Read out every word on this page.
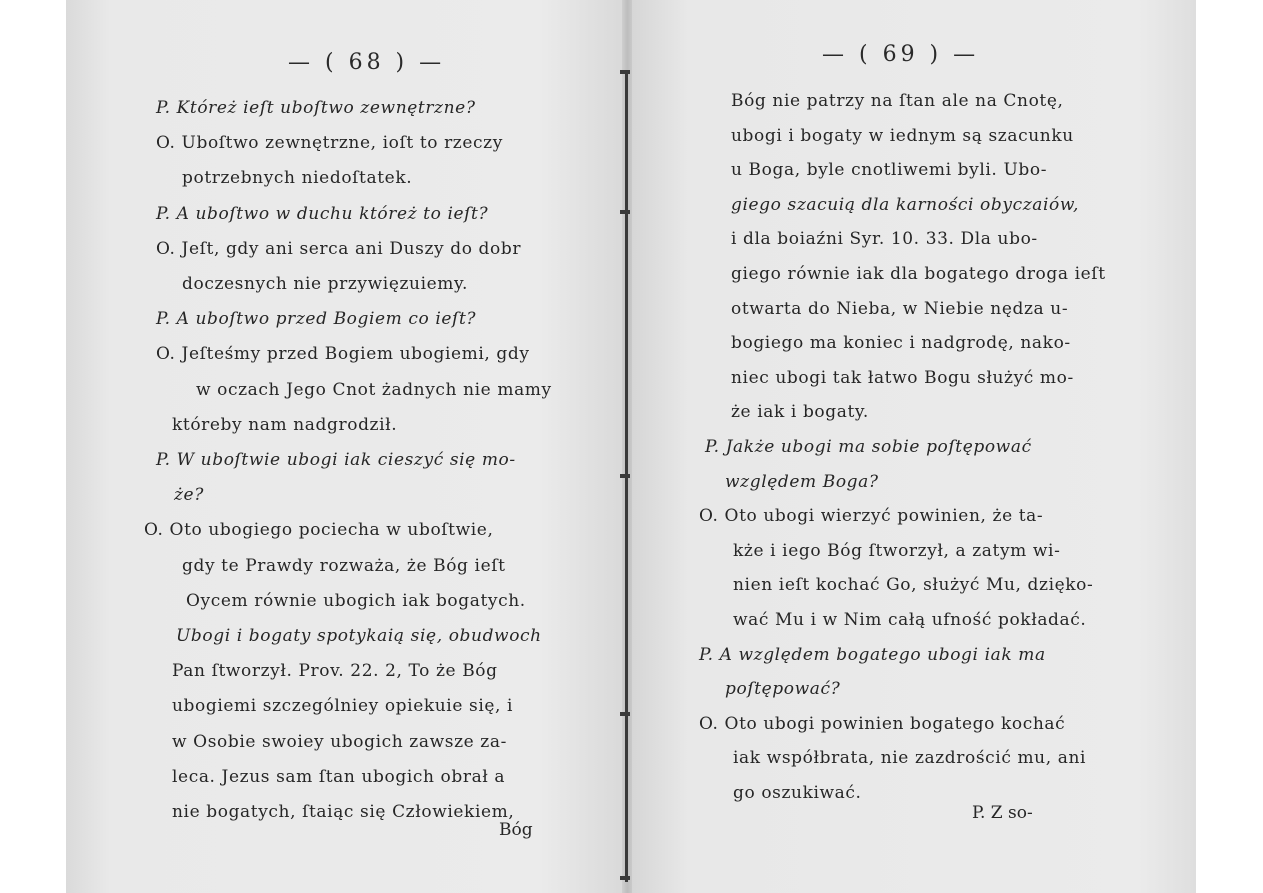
— ( 68 ) —
P. Któreż ieſt uboſtwo zewnętrzne?
O. Uboſtwo zewnętrzne, ioſt to rzeczy
potrzebnych niedoſtatek.
P. A uboſtwo w duchu któreż to ieſt?
O. Jeſt, gdy ani serca ani Duszy do dobr
doczesnych nie przywięzuiemy.
P. A uboſtwo przed Bogiem co ieſt?
O. Jeſteśmy przed Bogiem ubogiemi, gdy
w oczach Jego Cnot żadnych nie mamy
któreby nam nadgrodził.
P. W uboſtwie ubogi iak cieszyć się mo-
że?
O. Oto ubogiego pociecha w uboſtwie,
gdy te Prawdy rozważa, że Bóg ieſt
Oycem równie ubogich iak bogatych.
Ubogi i bogaty spotykaią się, obudwoch
Pan ſtworzył. Prov. 22. 2, To że Bóg
ubogiemi szczególniey opiekuie się, i
w Osobie swoiey ubogich zawsze za-
leca. Jezus sam ſtan ubogich obrał a
nie bogatych, ſtaiąc się Człowiekiem,
Bóg
— ( 69 ) —
Bóg nie patrzy na ſtan ale na Cnotę,
ubogi i bogaty w iednym są szacunku
u Boga, byle cnotliwemi byli. Ubo-
giego szacuią dla karności obyczaiów,
i dla boiaźni Syr. 10. 33. Dla ubo-
giego równie iak dla bogatego droga ieſt
otwarta do Nieba, w Niebie nędza u-
bogiego ma koniec i nadgrodę, nako-
niec ubogi tak łatwo Bogu służyć mo-
że iak i bogaty.
P. Jakże ubogi ma sobie poſtępować
względem Boga?
O. Oto ubogi wierzyć powinien, że ta-
kże i iego Bóg ſtworzył, a zatym wi-
nien ieſt kochać Go, służyć Mu, dzięko-
wać Mu i w Nim całą ufność pokładać.
P. A względem bogatego ubogi iak ma
poſtępować?
O. Oto ubogi powinien bogatego kochać
iak współbrata, nie zazdrościć mu, ani
go oszukiwać.
P. Z so-
